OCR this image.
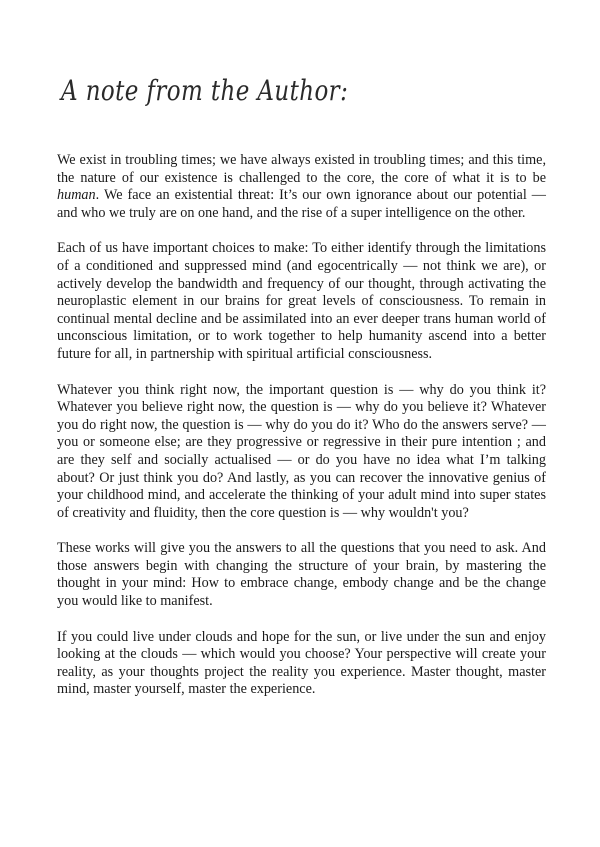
A note from the Author:

We exist in troubling times; we have always existed in troubling times; and this time, the nature of our existence is challenged to the core, the core of what it is to be human. We face an existential threat: It’s our own ignorance about our potential — and who we truly are on one hand, and the rise of a super intelligence on the other.

Each of us have important choices to make: To either identify through the limitations of a conditioned and suppressed mind (and egocentrically — not think we are), or actively develop the bandwidth and frequency of our thought, through activating the neuroplastic element in our brains for great levels of consciousness. To remain in continual mental decline and be assimilated into an ever deeper trans human world of unconscious limitation, or to work together to help humanity ascend into a better future for all, in partnership with spiritual artificial consciousness.

Whatever you think right now, the important question is — why do you think it? Whatever you believe right now, the question is — why do you believe it? Whatever you do right now, the question is — why do you do it? Who do the answers serve? — you or someone else; are they progressive or regressive in their pure intention ; and are they self and socially actualised — or do you have no idea what I’m talking about? Or just think you do? And lastly, as you can recover the innovative genius of your childhood mind, and accelerate the thinking of your adult mind into super states of creativity and fluidity, then the core question is — why wouldn't you?

These works will give you the answers to all the questions that you need to ask. And those answers begin with changing the structure of your brain, by mastering the thought in your mind: How to embrace change, embody change and be the change you would like to manifest.

If you could live under clouds and hope for the sun, or live under the sun and enjoy looking at the clouds — which would you choose? Your perspective will create your reality, as your thoughts project the reality you experience. Master thought, master mind, master yourself, master the experience.
